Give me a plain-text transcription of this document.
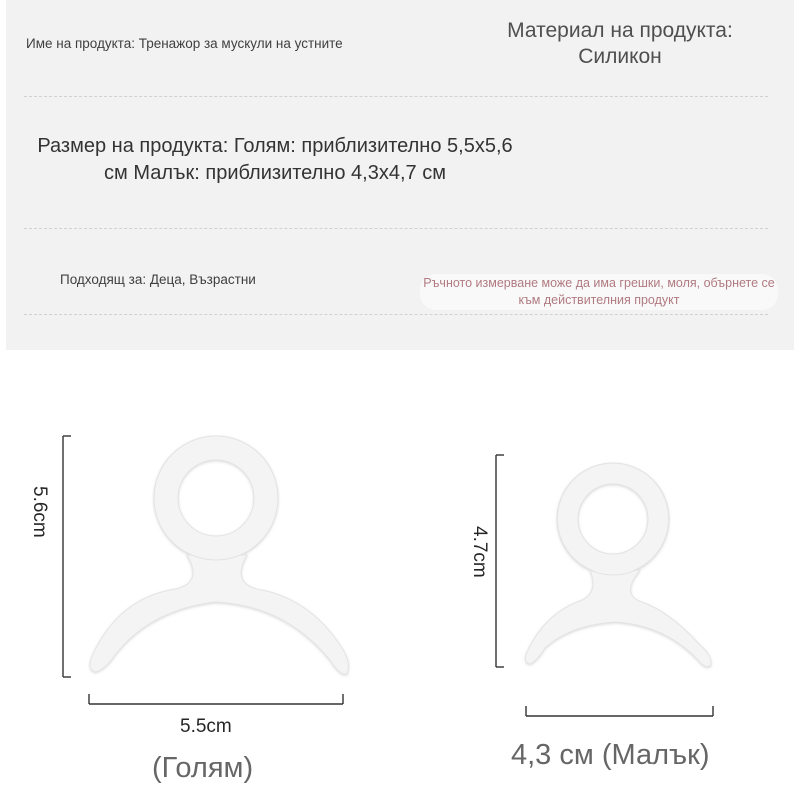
Име на продукта: Тренажор за мускули на устните
Материал на продукта: Силикон
Размер на продукта: Голям: приблизително 5,5х5,6 см Малък: приблизително 4,3х4,7 см
Подходящ за: Деца, Възрастни	Ръчното измерване може да има грешки, моля, обърнете се към действителния продукт
5.6cm
5.5cm
4.7cm
(Голям)	4,3 см (Малък)
